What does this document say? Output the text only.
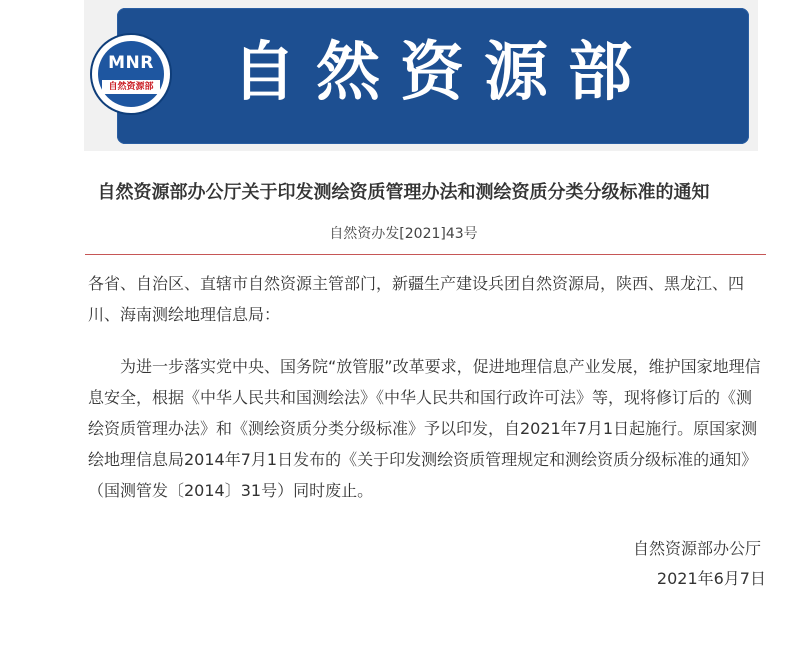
MNR
自然资源部	自然资源部
自然资源部办公厅关于印发测绘资质管理办法和测绘资质分类分级标准的通知
自然资办发[2021]43号
各省、自治区、直辖市自然资源主管部门，新疆生产建设兵团自然资源局，陕西、黑龙江、四川、海南测绘地理信息局：
为进一步落实党中央、国务院“放管服”改革要求，促进地理信息产业发展，维护国家地理信息安全，根据《中华人民共和国测绘法》《中华人民共和国行政许可法》等，现将修订后的《测绘资质管理办法》和《测绘资质分类分级标准》予以印发，自2021年7月1日起施行。原国家测绘地理信息局2014年7月1日发布的《关于印发测绘资质管理规定和测绘资质分级标准的通知》（国测管发〔2014〕31号）同时废止。
自然资源部办公厅
2021年6月7日
